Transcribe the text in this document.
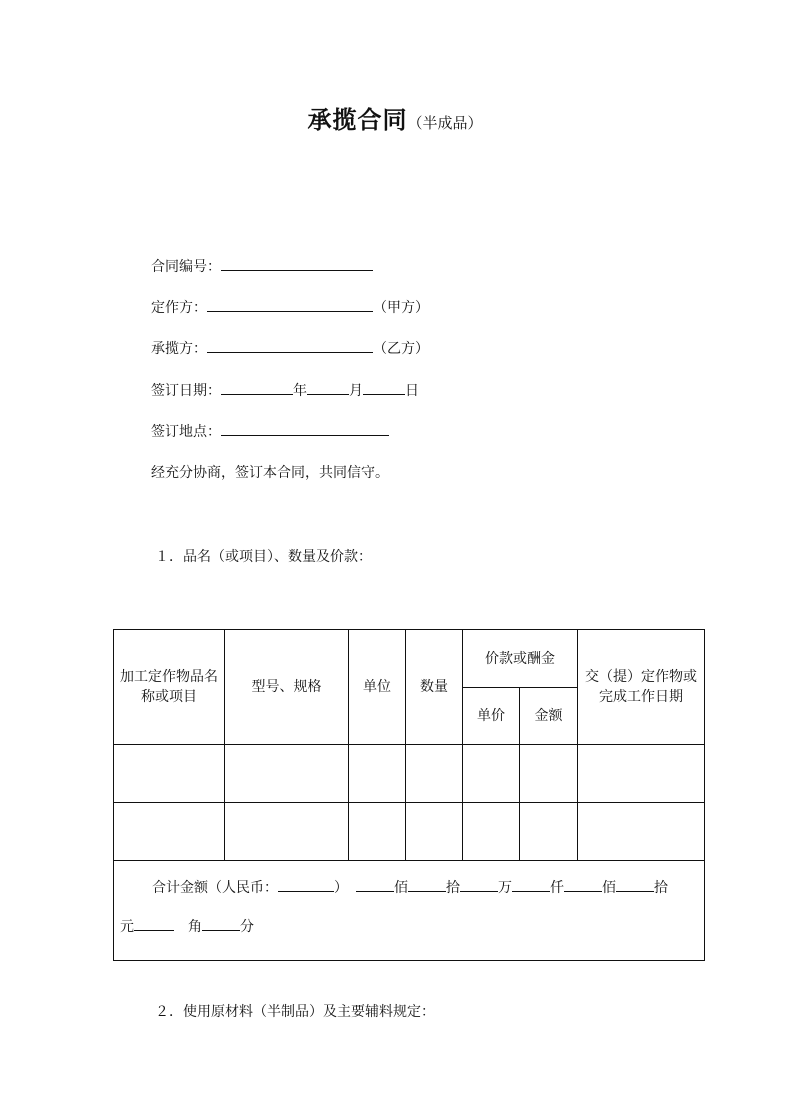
承揽合同（半成品）
合同编号：
定作方：	（甲方）
承揽方：	（乙方）
签订日期：	年	月	日
签订地点：
经充分协商，签订本合同，共同信守。
１．品名（或项目）、数量及价款：
加工定作物品名称或项目	型号、规格	单位	数量	价款或酬金		交（提）定作物或完成工作日期
				单价	金额	

合计金额（人民币： ） 佰 拾 万 仟 佰 拾
元 角 分						
２．使用原材料（半制品）及主要辅料规定：
